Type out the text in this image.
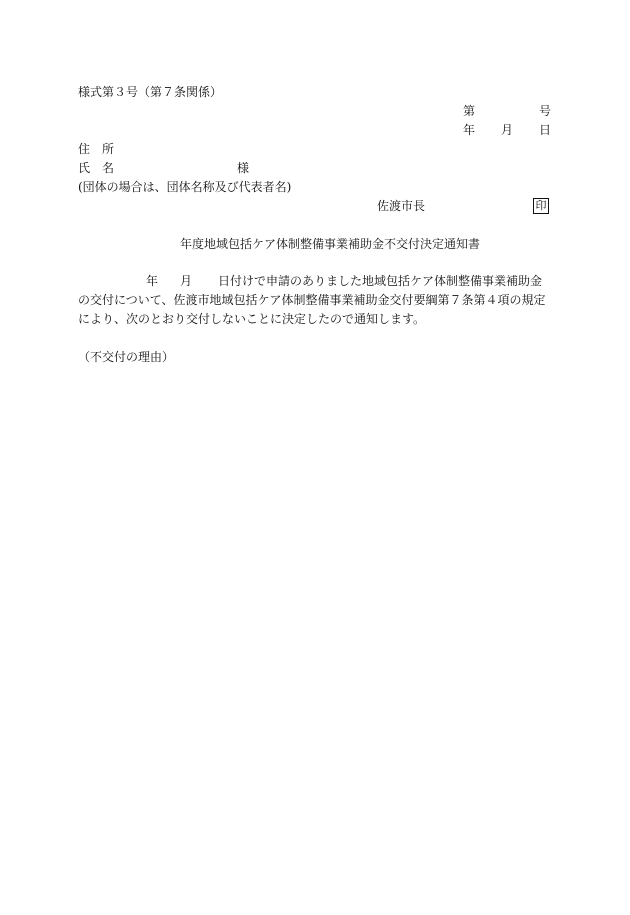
様式第３号（第７条関係）
第	号
年 月 日
住　所
氏　名	様
(団体の場合は、団体名称及び代表者名)
佐渡市長	印
年度地域包括ケア体制整備事業補助金不交付決定通知書
年 月 日付けで申請のありました地域包括ケア体制整備事業補助金
の交付について、佐渡市地域包括ケア体制整備事業補助金交付要綱第７条第４項の規定
により、次のとおり交付しないことに決定したので通知します。
（不交付の理由）
